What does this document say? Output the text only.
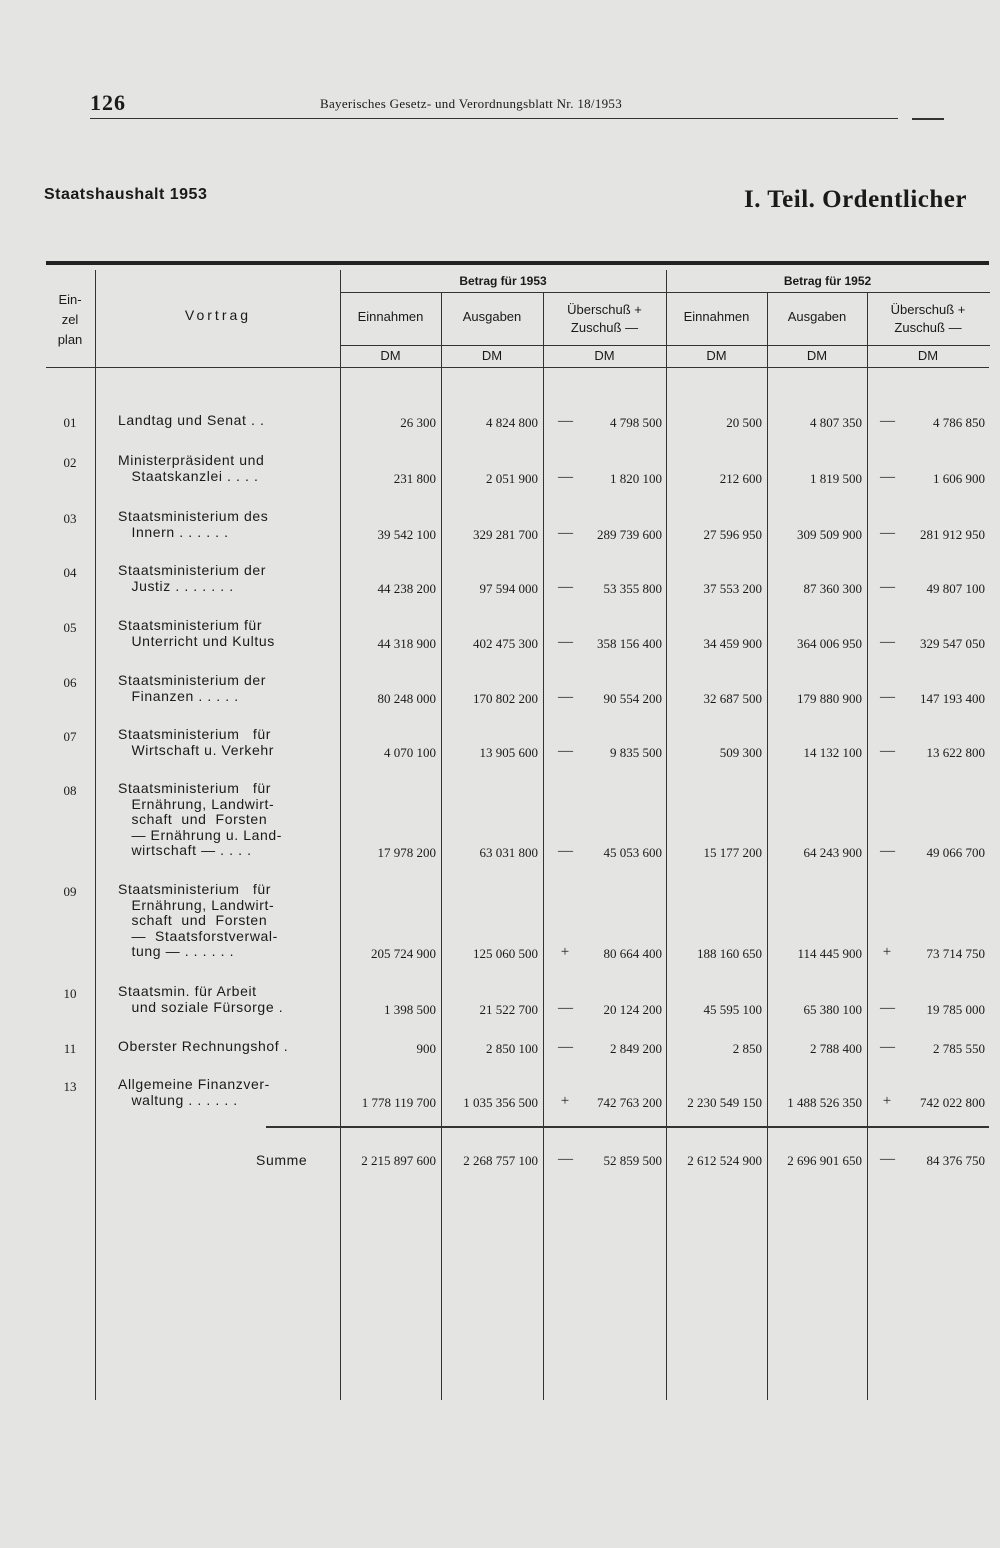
126	Bayerisches Gesetz- und Verordnungsblatt Nr. 18/1953
Staatshaushalt 1953	I. Teil. Ordentlicher
Ein-
zel
plan
Vortrag
Betrag für 1953	Betrag für 1952
Einnahmen	Ausgaben	Überschuß +
Zuschuß —
Einnahmen	Ausgaben	Überschuß +
Zuschuß —
DM	DM	DM	DM	DM	DM
01	Landtag und Senat . .	26 300	4 824 800 —	4 798 500	20 500	4 807 350 —	4 786 850
02	Ministerpräsident und
Staatskanzlei . . . .	231 800	2 051 900 —	1 820 100	212 600	1 819 500 —	1 606 900
03	Staatsministerium des
Innern . . . . . .	39 542 100	329 281 700 —	289 739 600	27 596 950	309 509 900 —	281 912 950
04	Staatsministerium der
Justiz . . . . . . .	44 238 200	97 594 000 —	53 355 800	37 553 200	87 360 300 —	49 807 100
05	Staatsministerium für
Unterricht und Kultus	44 318 900	402 475 300 —	358 156 400	34 459 900	364 006 950 —	329 547 050
06	Staatsministerium der
Finanzen . . . . .	80 248 000	170 802 200 —	90 554 200	32 687 500	179 880 900 —	147 193 400
07	Staatsministerium   für
Wirtschaft u. Verkehr	4 070 100	13 905 600 —	9 835 500	509 300	14 132 100 —	13 622 800
08	Staatsministerium   für
Ernährung, Landwirt-
schaft  und  Forsten
— Ernährung u. Land-
wirtschaft — . . . .	17 978 200	63 031 800 —	45 053 600	15 177 200	64 243 900 —	49 066 700
09	Staatsministerium   für
Ernährung, Landwirt-
schaft  und  Forsten
—  Staatsforstverwal-
tung — . . . . . .	205 724 900	125 060 500 +	80 664 400	188 160 650	114 445 900 +	73 714 750
10	Staatsmin. für Arbeit
und soziale Fürsorge .	1 398 500	21 522 700 —	20 124 200	45 595 100	65 380 100 —	19 785 000
11	Oberster Rechnungshof .	900	2 850 100 —	2 849 200	2 850	2 788 400 —	2 785 550
13	Allgemeine Finanzver-
waltung . . . . . .	1 778 119 700	1 035 356 500 +	742 763 200	2 230 549 150	1 488 526 350 +	742 022 800
Summe	2 215 897 600	2 268 757 100 —	52 859 500	2 612 524 900	2 696 901 650 —	84 376 750
